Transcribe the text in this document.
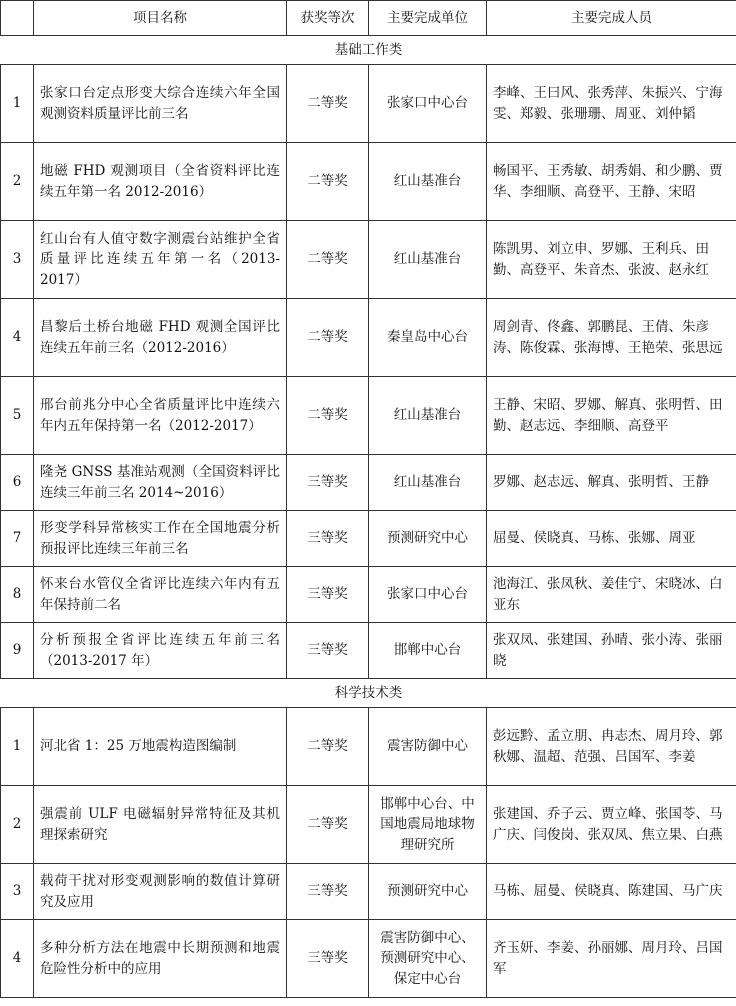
	项目名称	获奖等次	主要完成单位	主要完成人员
基础工作类				
1	张家口台定点形变大综合连续六年全国观测资料质量评比前三名	二等奖	张家口中心台	李峰、王曰风、张秀萍、朱振兴、宁海雯、郑毅、张珊珊、周亚、刘仲韬
2	地磁 FHD 观测项目（全省资料评比连续五年第一名 2012-2016）	二等奖	红山基准台	畅国平、王秀敏、胡秀娟、和少鹏、贾华、李细顺、高登平、王静、宋昭
3	红山台有人值守数字测震台站维护全省质量评比连续五年第一名（2013-2017）	二等奖	红山基准台	陈凯男、刘立申、罗娜、王利兵、田勤、高登平、朱音杰、张波、赵永红
4	昌黎后土桥台地磁 FHD 观测全国评比连续五年前三名（2012-2016）	二等奖	秦皇岛中心台	周剑青、佟鑫、郭鹏昆、王倩、朱彦涛、陈俊霖、张海博、王艳荣、张思远
5	邢台前兆分中心全省质量评比中连续六年内五年保持第一名（2012-2017）	二等奖	红山基准台	王静、宋昭、罗娜、解真、张明哲、田勤、赵志远、李细顺、高登平
6	隆尧 GNSS 基准站观测（全国资料评比连续三年前三名 2014~2016）	三等奖	红山基准台	罗娜、赵志远、解真、张明哲、王静
7	形变学科异常核实工作在全国地震分析预报评比连续三年前三名	三等奖	预测研究中心	屈曼、侯晓真、马栋、张娜、周亚
8	怀来台水管仪全省评比连续六年内有五年保持前二名	三等奖	张家口中心台	池海江、张凤秋、姜佳宁、宋晓冰、白亚东
9	分析预报全省评比连续五年前三名（2013-2017 年）	三等奖	邯郸中心台	张双凤、张建国、孙晴、张小涛、张丽晓
科学技术类				
1	河北省 1：25 万地震构造图编制	二等奖	震害防御中心	彭远黔、孟立朋、冉志杰、周月玲、郭秋娜、温超、范强、吕国军、李姜
2	强震前 ULF 电磁辐射异常特征及其机理探索研究	二等奖	邯郸中心台、中国地震局地球物理研究所	张建国、乔子云、贾立峰、张国苓、马广庆、闫俊岗、张双凤、焦立果、白燕
3	载荷干扰对形变观测影响的数值计算研究及应用	三等奖	预测研究中心	马栋、屈曼、侯晓真、陈建国、马广庆
4	多种分析方法在地震中长期预测和地震危险性分析中的应用	三等奖	震害防御中心、预测研究中心、保定中心台	齐玉妍、李姜、孙丽娜、周月玲、吕国军
